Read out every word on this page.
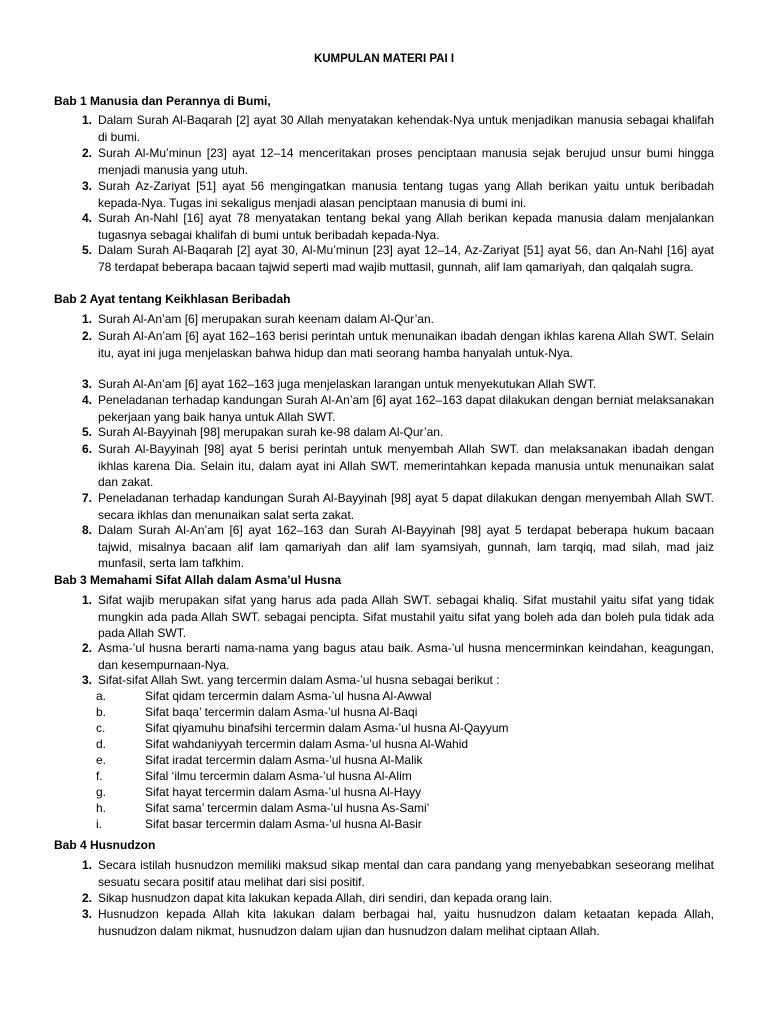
KUMPULAN MATERI PAI I
Bab 1 Manusia dan Perannya di Bumi,
1. Dalam Surah Al-Baqarah [2] ayat 30 Allah menyatakan kehendak-Nya untuk menjadikan manusia sebagai khalifah di bumi.
2. Surah Al-Mu’minun [23] ayat 12–14 menceritakan proses penciptaan manusia sejak berujud unsur bumi hingga menjadi manusia yang utuh.
3. Surah Az-Zariyat [51] ayat 56 mengingatkan manusia tentang tugas yang Allah berikan yaitu untuk beribadah kepada-Nya. Tugas ini sekaligus menjadi alasan penciptaan manusia di bumi ini.
4. Surah An-Nahl [16] ayat 78 menyatakan tentang bekal yang Allah berikan kepada manusia dalam menjalankan tugasnya sebagai khalifah di bumi untuk beribadah kepada-Nya.
5. Dalam Surah Al-Baqarah [2] ayat 30, Al-Mu’minun [23] ayat 12–14, Az-Zariyat [51] ayat 56, dan An-Nahl [16] ayat 78 terdapat beberapa bacaan tajwid seperti mad wajib muttasil, gunnah, alif lam qamariyah, dan qalqalah sugra.
Bab 2 Ayat tentang Keikhlasan Beribadah
1. Surah Al-An’am [6] merupakan surah keenam dalam Al-Qur’an.
2. Surah Al-An’am [6] ayat 162–163 berisi perintah untuk menunaikan ibadah dengan ikhlas karena Allah SWT. Selain itu, ayat ini juga menjelaskan bahwa hidup dan mati seorang hamba hanyalah untuk-Nya.
3. Surah Al-An’am [6] ayat 162–163 juga menjelaskan larangan untuk menyekutukan Allah SWT.
4. Peneladanan terhadap kandungan Surah Al-An’am [6] ayat 162–163 dapat dilakukan dengan berniat melaksanakan pekerjaan yang baik hanya untuk Allah SWT.
5. Surah Al-Bayyinah [98] merupakan surah ke-98 dalam Al-Qur’an.
6. Surah Al-Bayyinah [98] ayat 5 berisi perintah untuk menyembah Allah SWT. dan melaksanakan ibadah dengan ikhlas karena Dia. Selain itu, dalam ayat ini Allah SWT. memerintahkan kepada manusia untuk menunaikan salat dan zakat.
7. Peneladanan terhadap kandungan Surah Al-Bayyinah [98] ayat 5 dapat dilakukan dengan menyembah Allah SWT. secara ikhlas dan menunaikan salat serta zakat.
8. Dalam Surah Al-An’am [6] ayat 162–163 dan Surah Al-Bayyinah [98] ayat 5 terdapat beberapa hukum bacaan tajwid, misalnya bacaan alif lam qamariyah dan alif lam syamsiyah, gunnah, lam tarqiq, mad silah, mad jaiz munfasil, serta lam tafkhim.
Bab 3 Memahami Sifat Allah dalam Asma’ul Husna
1. Sifat wajib merupakan sifat yang harus ada pada Allah SWT. sebagai khaliq. Sifat mustahil yaitu sifat yang tidak mungkin ada pada Allah SWT. sebagai pencipta. Sifat mustahil yaitu sifat yang boleh ada dan boleh pula tidak ada pada Allah SWT.
2. Asma-’ul husna berarti nama-nama yang bagus atau baik. Asma-’ul husna mencerminkan keindahan, keagungan, dan kesempurnaan-Nya.
3. Sifat-sifat Allah Swt. yang tercermin dalam Asma-’ul husna sebagai berikut :
a.	Sifat qidam tercermin dalam Asma-’ul husna Al-Awwal
b.	Sifat baqa’ tercermin dalam Asma-’ul husna Al-Baqi
c.	Sifat qiyamuhu binafsihi tercermin dalam Asma-’ul husna Al-Qayyum
d.	Sifat wahdaniyyah tercermin dalam Asma-’ul husna Al-Wahid
e.	Sifat iradat tercermin dalam Asma-’ul husna Al-Malik
f.	Sifal ‘ilmu tercermin dalam Asma-’ul husna Al-Alim
g.	Sifat hayat tercermin dalam Asma-’ul husna Al-Hayy
h.	Sifat sama’ tercermin dalam Asma-’ul husna As-Sami’
i.	Sifat basar tercermin dalam Asma-’ul husna Al-Basir
Bab 4 Husnudzon
1. Secara istilah husnudzon memiliki maksud sikap mental dan cara pandang yang menyebabkan seseorang melihat sesuatu secara positif atau melihat dari sisi positif.
2. Sikap husnudzon dapat kita lakukan kepada Allah, diri sendiri, dan kepada orang lain.
3. Husnudzon kepada Allah kita lakukan dalam berbagai hal, yaitu husnudzon dalam ketaatan kepada Allah, husnudzon dalam nikmat, husnudzon dalam ujian dan husnudzon dalam melihat ciptaan Allah.
